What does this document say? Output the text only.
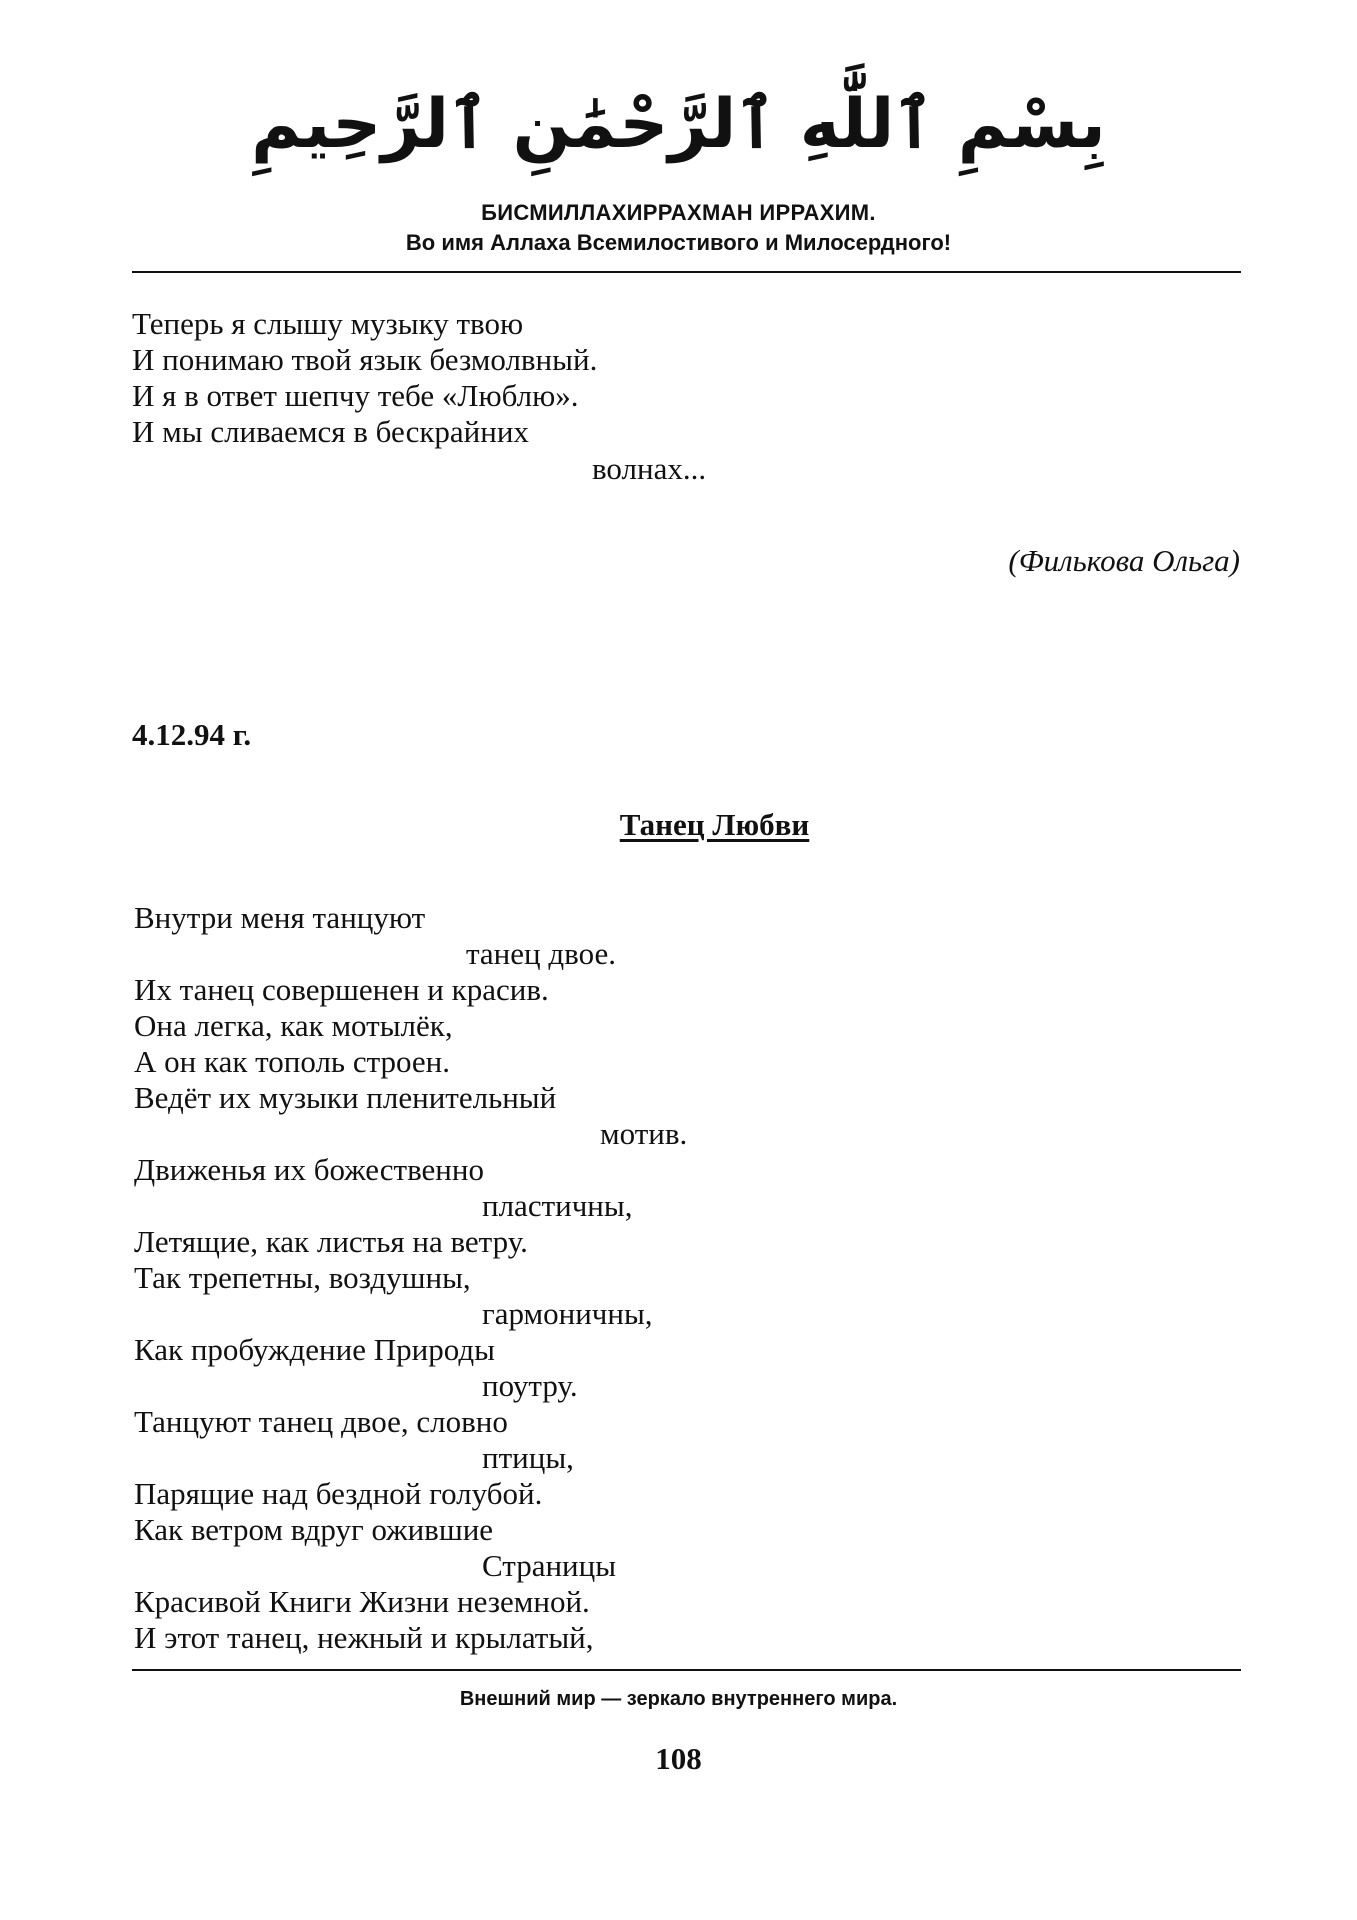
بِسْمِ ٱللَّٰهِ ٱلرَّحْمَٰنِ ٱلرَّحِيمِ
БИСМИЛЛАХИРРАХМАН ИРРАХИМ.
Во имя Аллаха Всемилостивого и Милосердного!
Теперь я слышу музыку твою
И понимаю твой язык безмолвный.
И я в ответ шепчу тебе «Люблю».
И мы сливаемся в бескрайних
волнах...
(Филькова Ольга)
4.12.94 г.
Танец Любви
Внутри меня танцуют
танец двое.
Их танец совершенен и красив.
Она легка, как мотылёк,
А он как тополь строен.
Ведёт их музыки пленительный
мотив.
Движенья их божественно
пластичны,
Летящие, как листья на ветру.
Так трепетны, воздушны,
гармоничны,
Как пробуждение Природы
поутру.
Танцуют танец двое, словно
птицы,
Парящие над бездной голубой.
Как ветром вдруг ожившие
Страницы
Красивой Книги Жизни неземной.
И этот танец, нежный и крылатый,
Внешний мир — зеркало внутреннего мира.
108
